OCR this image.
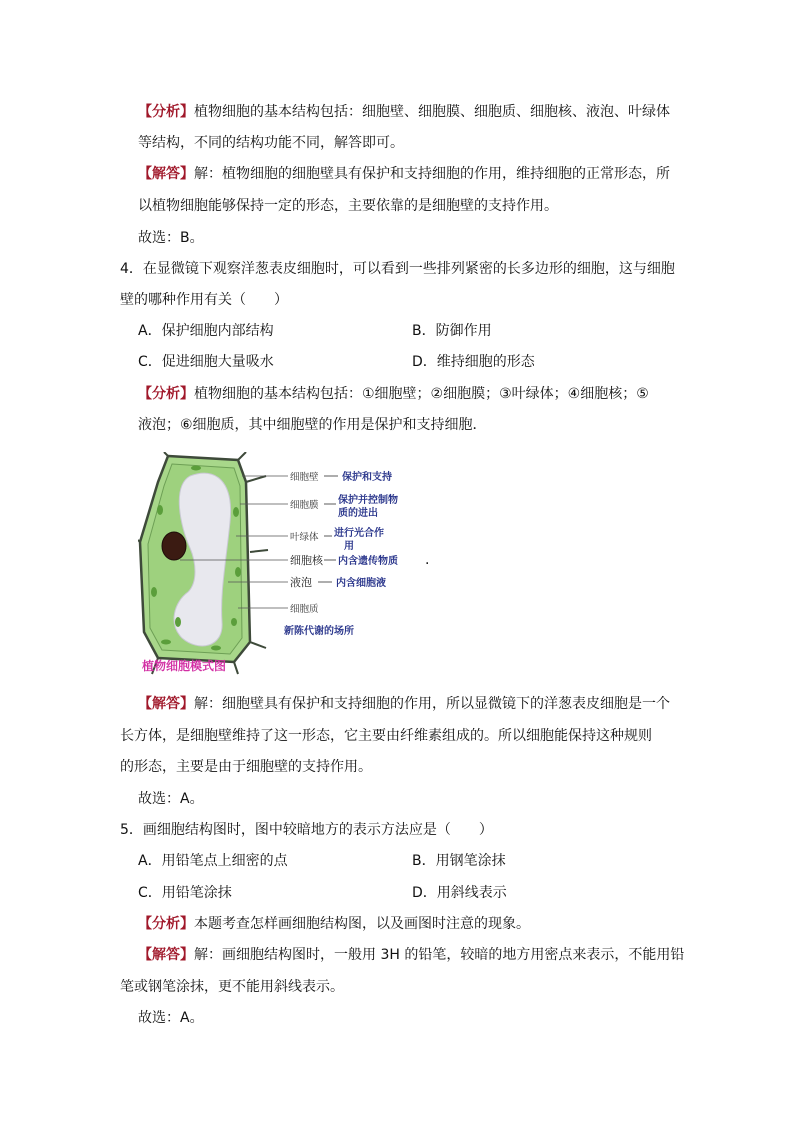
【分析】植物细胞的基本结构包括：细胞壁、细胞膜、细胞质、细胞核、液泡、叶绿体
等结构，不同的结构功能不同，解答即可。
【解答】解：植物细胞的细胞壁具有保护和支持细胞的作用，维持细胞的正常形态，所
以植物细胞能够保持一定的形态，主要依靠的是细胞壁的支持作用。
故选：B。
4．在显微镜下观察洋葱表皮细胞时，可以看到一些排列紧密的长多边形的细胞，这与细胞
壁的哪种作用有关（　　）
A．保护细胞内部结构	B．防御作用
C．促进细胞大量吸水	D．维持细胞的形态
【分析】植物细胞的基本结构包括：①细胞壁；②细胞膜；③叶绿体；④细胞核；⑤
液泡；⑥细胞质，其中细胞壁的作用是保护和支持细胞．
细胞壁 保护和支持
细胞膜 保护并控制物
质的进出
叶绿体 进行光合作
用
细胞核 内含遗传物质
液泡 内含细胞液
细胞质
新陈代谢的场所
植物细胞模式图
.
【解答】解：细胞壁具有保护和支持细胞的作用，所以显微镜下的洋葱表皮细胞是一个
长方体，是细胞壁维持了这一形态，它主要由纤维素组成的。所以细胞能保持这种规则
的形态，主要是由于细胞壁的支持作用。
故选：A。
5．画细胞结构图时，图中较暗地方的表示方法应是（　　）
A．用铅笔点上细密的点	B．用钢笔涂抹
C．用铅笔涂抹	D．用斜线表示
【分析】本题考查怎样画细胞结构图，以及画图时注意的现象。
【解答】解：画细胞结构图时，一般用 3H 的铅笔，较暗的地方用密点来表示，不能用铅
笔或钢笔涂抹，更不能用斜线表示。
故选：A。
